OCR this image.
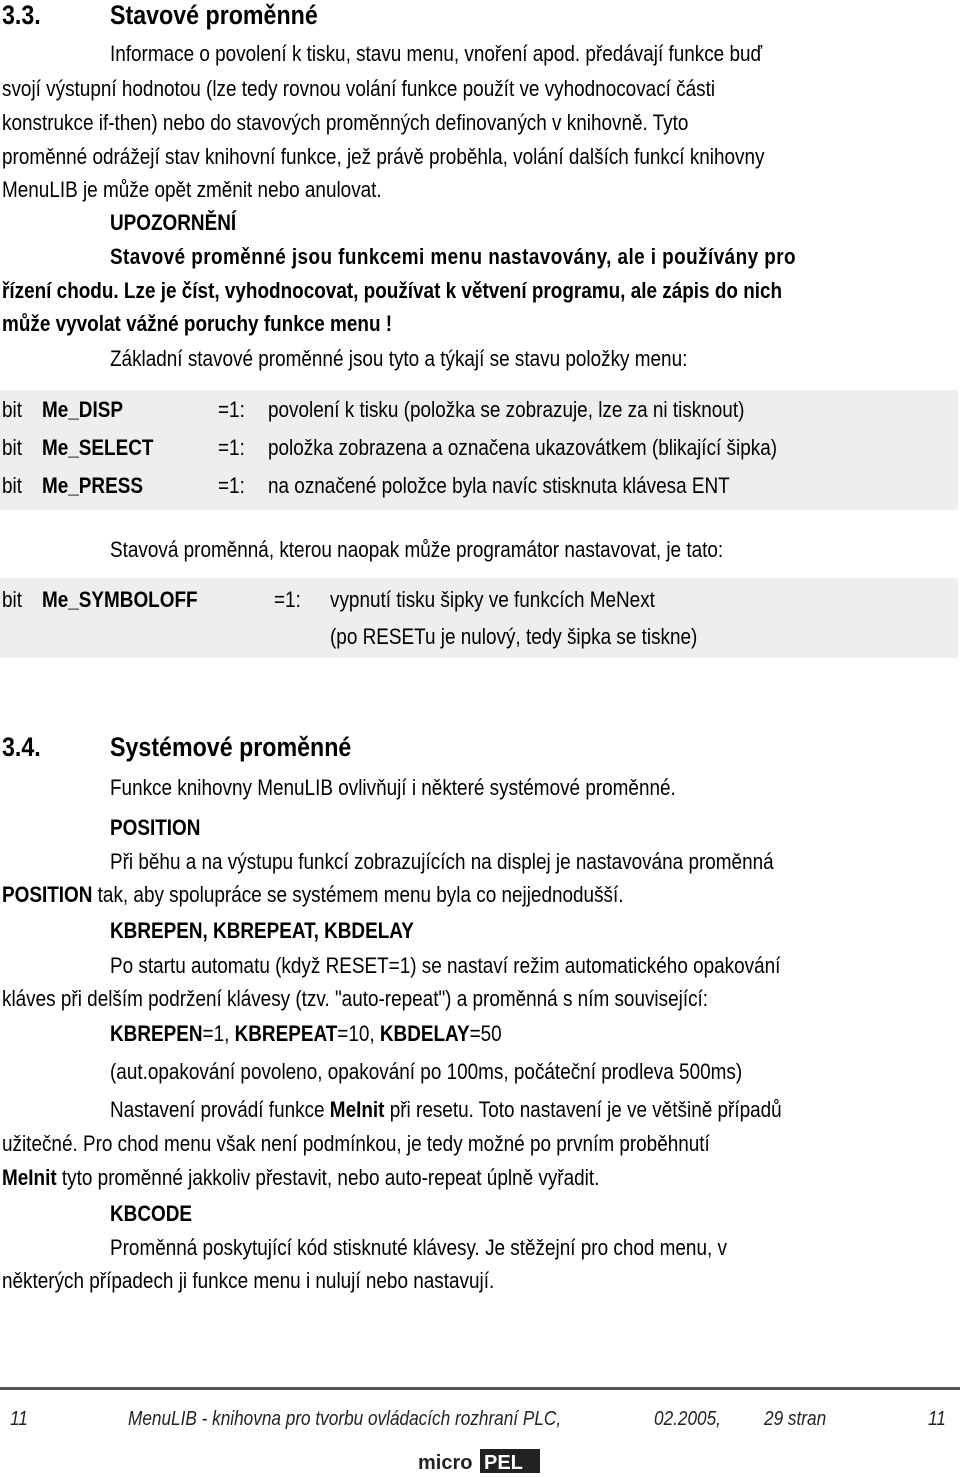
3.3.	Stavové proměnné
Informace o povolení k tisku, stavu menu, vnoření apod. předávají funkce buď
svojí výstupní hodnotou (lze tedy rovnou volání funkce použít ve vyhodnocovací části
konstrukce if-then) nebo do stavových proměnných definovaných v knihovně. Tyto
proměnné odrážejí stav knihovní funkce, jež právě proběhla, volání dalších funkcí knihovny
MenuLIB je může opět změnit nebo anulovat.
UPOZORNĚNÍ
Stavové proměnné jsou funkcemi menu nastavovány, ale i používány pro
řízení chodu. Lze je číst, vyhodnocovat, používat k větvení programu, ale zápis do nich
může vyvolat vážné poruchy funkce menu !
Základní stavové proměnné jsou tyto a týkají se stavu položky menu:
bit Me_DISP	=1: povolení k tisku (položka se zobrazuje, lze za ni tisknout)
bit Me_SELECT	=1: položka zobrazena a označena ukazovátkem (blikající šipka)
bit Me_PRESS	=1: na označené položce byla navíc stisknuta klávesa ENT
Stavová proměnná, kterou naopak může programátor nastavovat, je tato:
bit Me_SYMBOLOFF	=1: vypnutí tisku šipky ve funkcích MeNext
(po RESETu je nulový, tedy šipka se tiskne)
3.4.	Systémové proměnné
Funkce knihovny MenuLIB ovlivňují i některé systémové proměnné.
POSITION
Při běhu a na výstupu funkcí zobrazujících na displej je nastavována proměnná
POSITION tak, aby spolupráce se systémem menu byla co nejjednodušší.
KBREPEN, KBREPEAT, KBDELAY
Po startu automatu (když RESET=1) se nastaví režim automatického opakování
kláves při delším podržení klávesy (tzv. "auto-repeat") a proměnná s ním související:
KBREPEN=1, KBREPEAT=10, KBDELAY=50
(aut.opakování povoleno, opakování po 100ms, počáteční prodleva 500ms)
Nastavení provádí funkce MeInit při resetu. Toto nastavení je ve většině případů
užitečné. Pro chod menu však není podmínkou, je tedy možné po prvním proběhnutí
MeInit tyto proměnné jakkoliv přestavit, nebo auto-repeat úplně vyřadit.
KBCODE
Proměnná poskytující kód stisknuté klávesy. Je stěžejní pro chod menu, v
některých případech ji funkce menu i nulují nebo nastavují.
11	MenuLIB - knihovna pro tvorbu ovládacích rozhraní PLC,	02.2005, 29 stran	11
micro PEL
